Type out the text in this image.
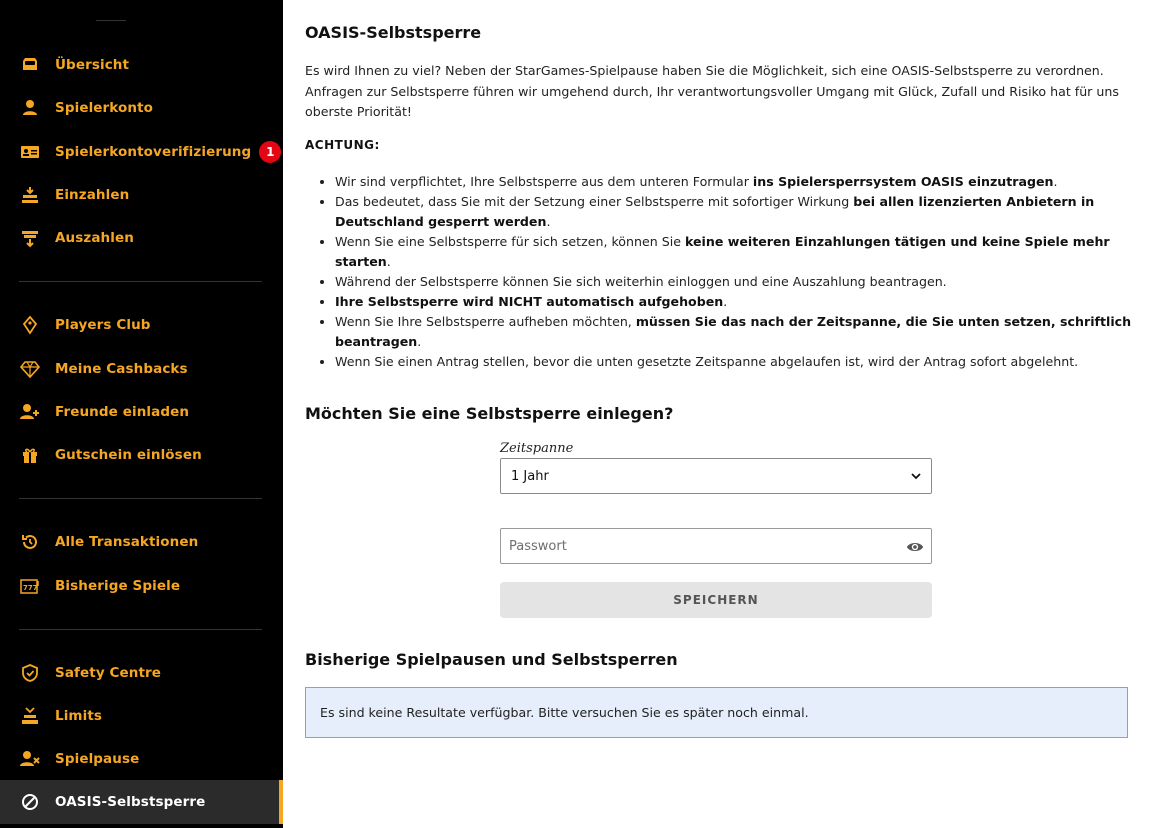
Übersicht
Spielerkonto
Spielerkontoverifizierung	1
Einzahlen
Auszahlen
Players Club
Meine Cashbacks
Freunde einladen
Gutschein einlösen
Alle Transaktionen
777 Bisherige Spiele
Safety Centre
Limits
Spielpause
OASIS-Selbstsperre
OASIS-Selbstsperre

Es wird Ihnen zu viel? Neben der StarGames-Spielpause haben Sie die Möglichkeit, sich eine OASIS-Selbstsperre zu verordnen. Anfragen zur Selbstsperre führen wir umgehend durch, Ihr verantwortungsvoller Umgang mit Glück, Zufall und Risiko hat für uns oberste Priorität!

ACHTUNG:
• Wir sind verpflichtet, Ihre Selbstsperre aus dem unteren Formular ins Spielersperrsystem OASIS einzutragen.
• Das bedeutet, dass Sie mit der Setzung einer Selbstsperre mit sofortiger Wirkung bei allen lizenzierten Anbietern in Deutschland gesperrt werden.
• Wenn Sie eine Selbstsperre für sich setzen, können Sie keine weiteren Einzahlungen tätigen und keine Spiele mehr starten.
• Während der Selbstsperre können Sie sich weiterhin einloggen und eine Auszahlung beantragen.
• Ihre Selbstsperre wird NICHT automatisch aufgehoben.
• Wenn Sie Ihre Selbstsperre aufheben möchten, müssen Sie das nach der Zeitspanne, die Sie unten setzen, schriftlich beantragen.
• Wenn Sie einen Antrag stellen, bevor die unten gesetzte Zeitspanne abgelaufen ist, wird der Antrag sofort abgelehnt.
Möchten Sie eine Selbstsperre einlegen?
Zeitspanne
1 Jahr
SPEICHERN
Bisherige Spielpausen und Selbstsperren
Es sind keine Resultate verfügbar. Bitte versuchen Sie es später noch einmal.
